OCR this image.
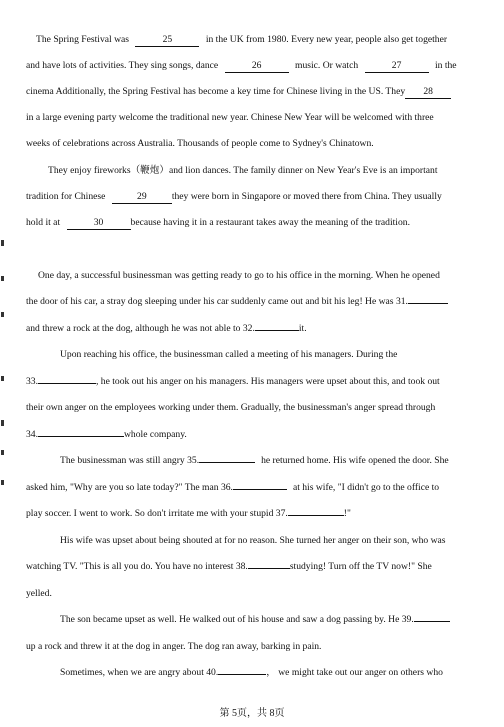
The Spring Festival was	25	in the UK from 1980. Every new year, people also get together
and have lots of activities. They sing songs, dance	26	music. Or watch	27	in the
cinema Additionally, the Spring Festival has become a key time for Chinese living in the US. They 28
in a large evening party welcome the traditional new year. Chinese New Year will be welcomed with three
weeks of celebrations across Australia. Thousands of people come to Sydney's Chinatown.
They enjoy fireworks（鞭炮）and lion dances. The family dinner on New Year's Eve is an important
tradition for Chinese	29	they were born in Singapore or moved there from China. They usually
hold it at	30	because having it in a restaurant takes away the meaning of the tradition.
One day, a successful businessman was getting ready to go to his office in the morning. When he opened
the door of his car, a stray dog sleeping under his car suddenly came out and bit his leg! He was 31.
and threw a rock at the dog, although he was not able to 32.	it.
Upon reaching his office, the businessman called a meeting of his managers. During the
33.	, he took out his anger on his managers. His managers were upset about this, and took out
their own anger on the employees working under them. Gradually, the businessman's anger spread through
34.	whole company.
The businessman was still angry 35.	he returned home. His wife opened the door. She
asked him, "Why are you so late today?" The man 36.	at his wife, "I didn't go to the office to
play soccer. I went to work. So don't irritate me with your stupid 37.	!"
His wife was upset about being shouted at for no reason. She turned her anger on their son, who was
watching TV. "This is all you do. You have no interest 38.	studying! Turn off the TV now!" She
yelled.
The son became upset as well. He walked out of his house and saw a dog passing by. He 39.
up a rock and threw it at the dog in anger. The dog ran away, barking in pain.
Sometimes, when we are angry about 40.	， we might take out our anger on others who
第 5页，共 8页
